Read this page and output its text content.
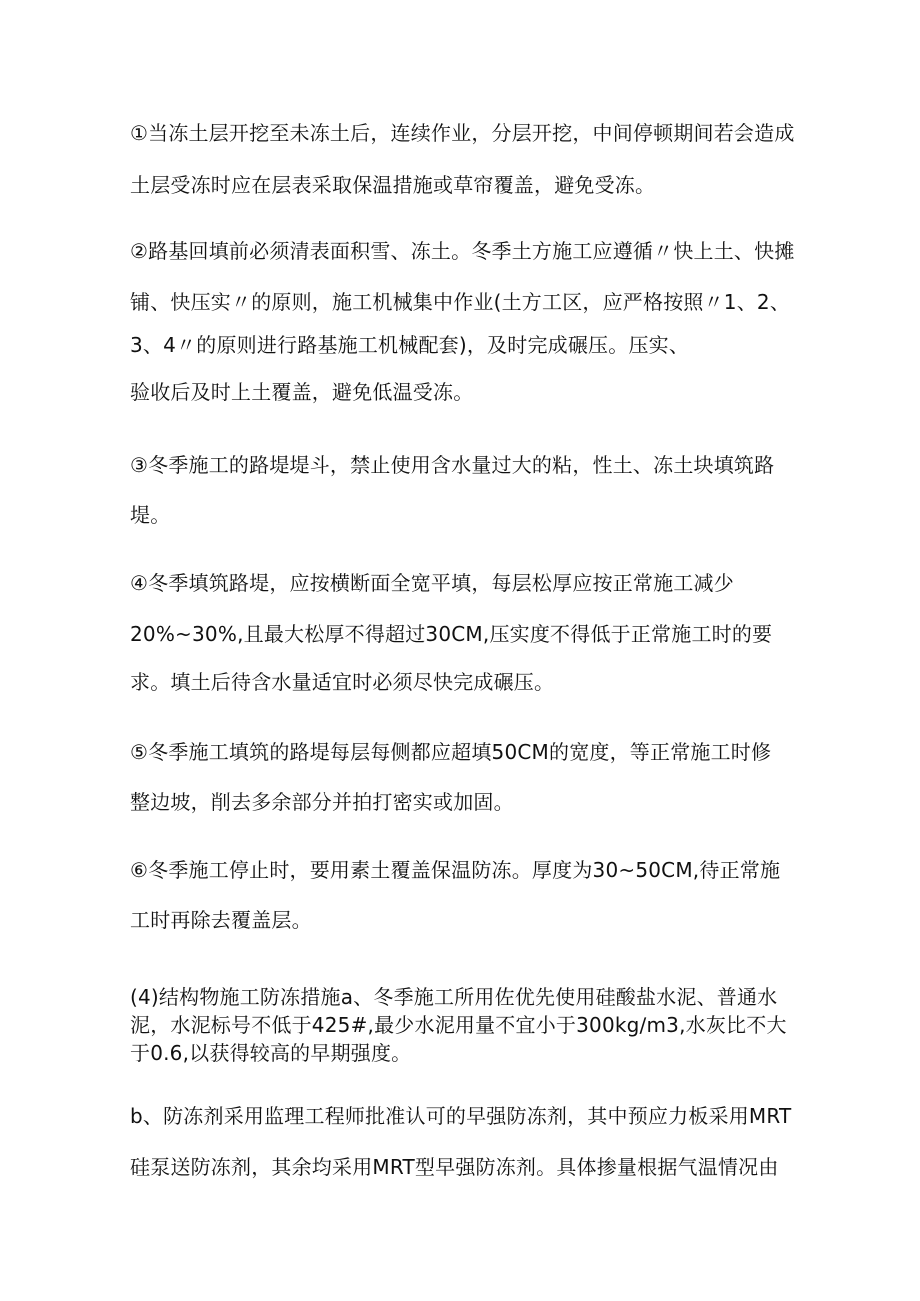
①当冻土层开挖至未冻土后，连续作业，分层开挖，中间停顿期间若会造成
土层受冻时应在层表采取保温措施或草帘覆盖，避免受冻。
②路基回填前必须清表面积雪、冻土。冬季土方施工应遵循〃快上土、快摊
铺、快压实〃的原则，施工机械集中作业(土方工区，应严格按照〃1、2、
3、4〃的原则进行路基施工机械配套)，及时完成碾压。压实、
验收后及时上土覆盖，避免低温受冻。
③冬季施工的路堤堤斗，禁止使用含水量过大的粘，性土、冻土块填筑路
堤。
④冬季填筑路堤，应按横断面全宽平填，每层松厚应按正常施工减少
20%~30%,且最大松厚不得超过30CM,压实度不得低于正常施工时的要
求。填土后待含水量适宜时必须尽快完成碾压。
⑤冬季施工填筑的路堤每层每侧都应超填50CM的宽度，等正常施工时修
整边坡，削去多余部分并拍打密实或加固。
⑥冬季施工停止时，要用素土覆盖保温防冻。厚度为30~50CM,待正常施
工时再除去覆盖层。
(4)结构物施工防冻措施a、冬季施工所用佐优先使用硅酸盐水泥、普通水
泥，水泥标号不低于425#,最少水泥用量不宜小于300kg∕m3,水灰比不大
于0.6,以获得较高的早期强度。
b、防冻剂采用监理工程师批准认可的早强防冻剂，其中预应力板采用MRT
硅泵送防冻剂，其余均采用MRT型早强防冻剂。具体掺量根据气温情况由
